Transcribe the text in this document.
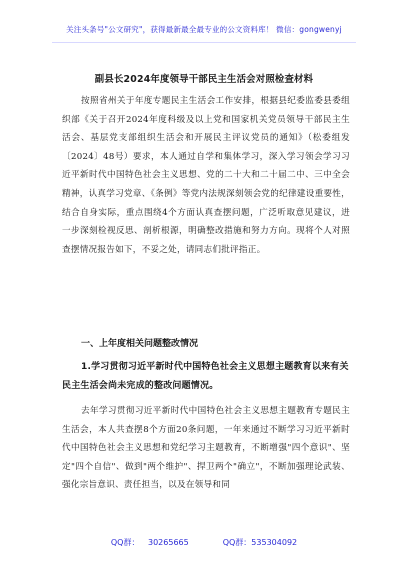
关注头条号"公文研究"，获得最新最全最专业的公文资料库！ 微信：gongwenyj
副县长2024年度领导干部民主生活会对照检查材料
按照省州关于年度专题民主生活会工作安排，根据县纪委监委县委组织部《关于召开2024年度科级及以上党和国家机关党员领导干部民主生活会、基层党支部组织生活会和开展民主评议党员的通知》（松委组发〔2024〕48号）要求，本人通过自学和集体学习，深入学习领会学习习近平新时代中国特色社会主义思想、党的二十大和二十届二中、三中全会精神，认真学习党章、《条例》等党内法规深刻领会党的纪律建设重要性，结合自身实际，重点围绕4个方面认真查摆问题，广泛听取意见建议，进一步深刻检视反思、剖析根源，明确整改措施和努力方向。现将个人对照查摆情况报告如下，不妥之处，请同志们批评指正。
一、上年度相关问题整改情况
1.学习贯彻习近平新时代中国特色社会主义思想主题教育以来有关民主生活会尚未完成的整改问题情况。
去年学习贯彻习近平新时代中国特色社会主义思想主题教育专题民主生活会，本人共查摆8个方面20条问题，一年来通过不断学习习近平新时代中国特色社会主义思想和党纪学习主题教育，不断增强"四个意识"、坚定"四个自信"、做到"两个维护"、捍卫两个"确立"，不断加强理论武装、强化宗旨意识、责任担当，以及在领导和同
QQ群： 30265665	QQ群：535304092
